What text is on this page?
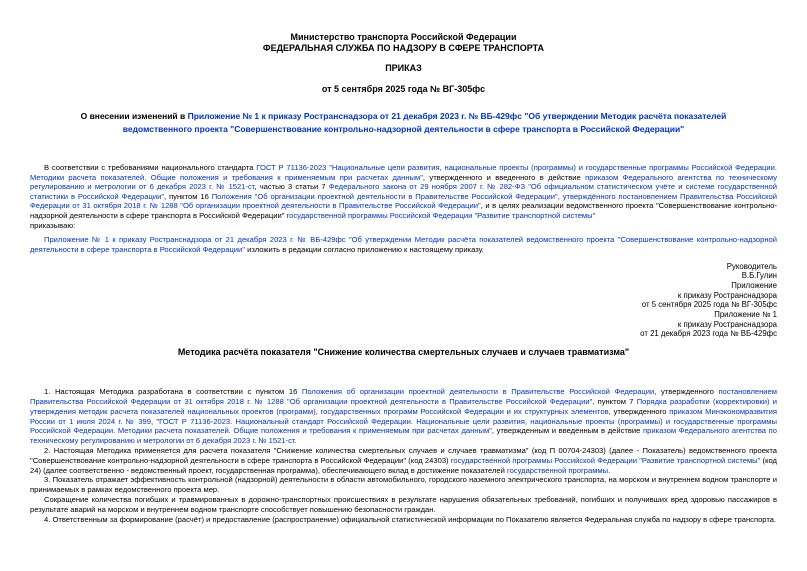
Министерство транспорта Российской Федерации
ФЕДЕРАЛЬНАЯ СЛУЖБА ПО НАДЗОРУ В СФЕРЕ ТРАНСПОРТА
ПРИКАЗ
от 5 сентября 2025 года № ВГ-305фс
О внесении изменений в Приложение № 1 к приказу Ространснадзора от 21 декабря 2023 г. № ВБ-429фс "Об утверждении Методик расчёта показателей ведомственного проекта "Совершенствование контрольно-надзорной деятельности в сфере транспорта в Российской Федерации"
В соответствии с требованиями национального стандарта ГОСТ Р 71136-2023 "Национальные цели развития, национальные проекты (программы) и государственные программы Российской Федерации. Методики расчета показателей. Общие положения и требования к применяемым при расчетах данным", утвержденного и введенного в действие приказом Федерального агентства по техническому регулированию и метрологии от 6 декабря 2023 г. № 1521-ст, частью 3 статьи 7 Федерального закона от 29 ноября 2007 г. № 282-ФЗ "Об официальном статистическом учёте и системе государственной статистики в Российской Федерации", пунктом 16 Положения "Об организации проектной деятельности в Правительстве Российской Федерации", утверждённого постановлением Правительства Российской Федерации от 31 октября 2018 г. № 1288 "Об организации проектной деятельности в Правительстве Российской Федерации", и в целях реализации ведомственного проекта "Совершенствование контрольно-надзорной деятельности в сфере транспорта в Российской Федерации" государственной программы Российской Федерации "Развитие транспортной системы"
приказываю:
Приложение № 1 к приказу Ространснадзора от 21 декабря 2023 г. № ВБ-429фс "Об утверждении Методик расчёта показателей ведомственного проекта "Совершенствование контрольно-надзорной деятельности в сфере транспорта в Российской Федерации" изложить в редакции согласно приложению к настоящему приказу.
Руководитель
В.Б.Гулин
Приложение
к приказу Ространснадзора
от 5 сентября 2025 года № ВГ-305фс
Приложение № 1
к приказу Ространснадзора
от 21 декабря 2023 года № ВБ-429фс
Методика расчёта показателя "Снижение количества смертельных случаев и случаев травматизма"

1. Настоящая Методика разработана в соответствии с пунктом 16 Положения об организации проектной деятельности в Правительстве Российской Федерации, утвержденного постановлением Правительства Российской Федерации от 31 октября 2018 г. № 1288 "Об организации проектной деятельности в Правительстве Российской Федерации", пунктом 7 Порядка разработки (корректировки) и утверждения методик расчета показателей национальных проектов (программ), государственных программ Российской Федерации и их структурных элементов, утвержденного приказом Минэкономразвития России от 1 июля 2024 г. № 399, "ГОСТ Р 71136-2023. Национальный стандарт Российской Федерации. Национальные цели развития, национальные проекты (программы) и государственные программы Российской Федерации. Методики расчета показателей. Общие положения и требования к применяемым при расчетах данным", утвержденным и введенным в действие приказом Федерального агентства по техническому регулированию и метрологии от 6 декабря 2023 г. № 1521-ст.

2. Настоящая Методика применяется для расчета показателя "Снижение количества смертельных случаев и случаев травматизма" (код П 00704-24303) (далее - Показатель) ведомственного проекта "Совершенствование контрольно-надзорной деятельности в сфере транспорта в Российской Федерации" (код 24303) государственной программы Российской Федерации "Развитие транспортной системы" (код 24) (далее соответственно - ведомственный проект, государственная программа), обеспечивающего вклад в достижение показателей государственной программы.

3. Показатель отражает эффективность контрольной (надзорной) деятельности в области автомобильного, городского наземного электрического транспорта, на морском и внутреннем водном транспорте и принимаемых в рамках ведомственного проекта мер.

Сокращение количества погибших и травмированных в дорожно-транспортных происшествиях в результате нарушения обязательных требований, погибших и получивших вред здоровью пассажиров в результате аварий на морском и внутреннем водном транспорте способствует повышению безопасности граждан.

4. Ответственным за формирование (расчёт) и предоставление (распространение) официальной статистической информации по Показателю является Федеральная служба по надзору в сфере транспорта.
